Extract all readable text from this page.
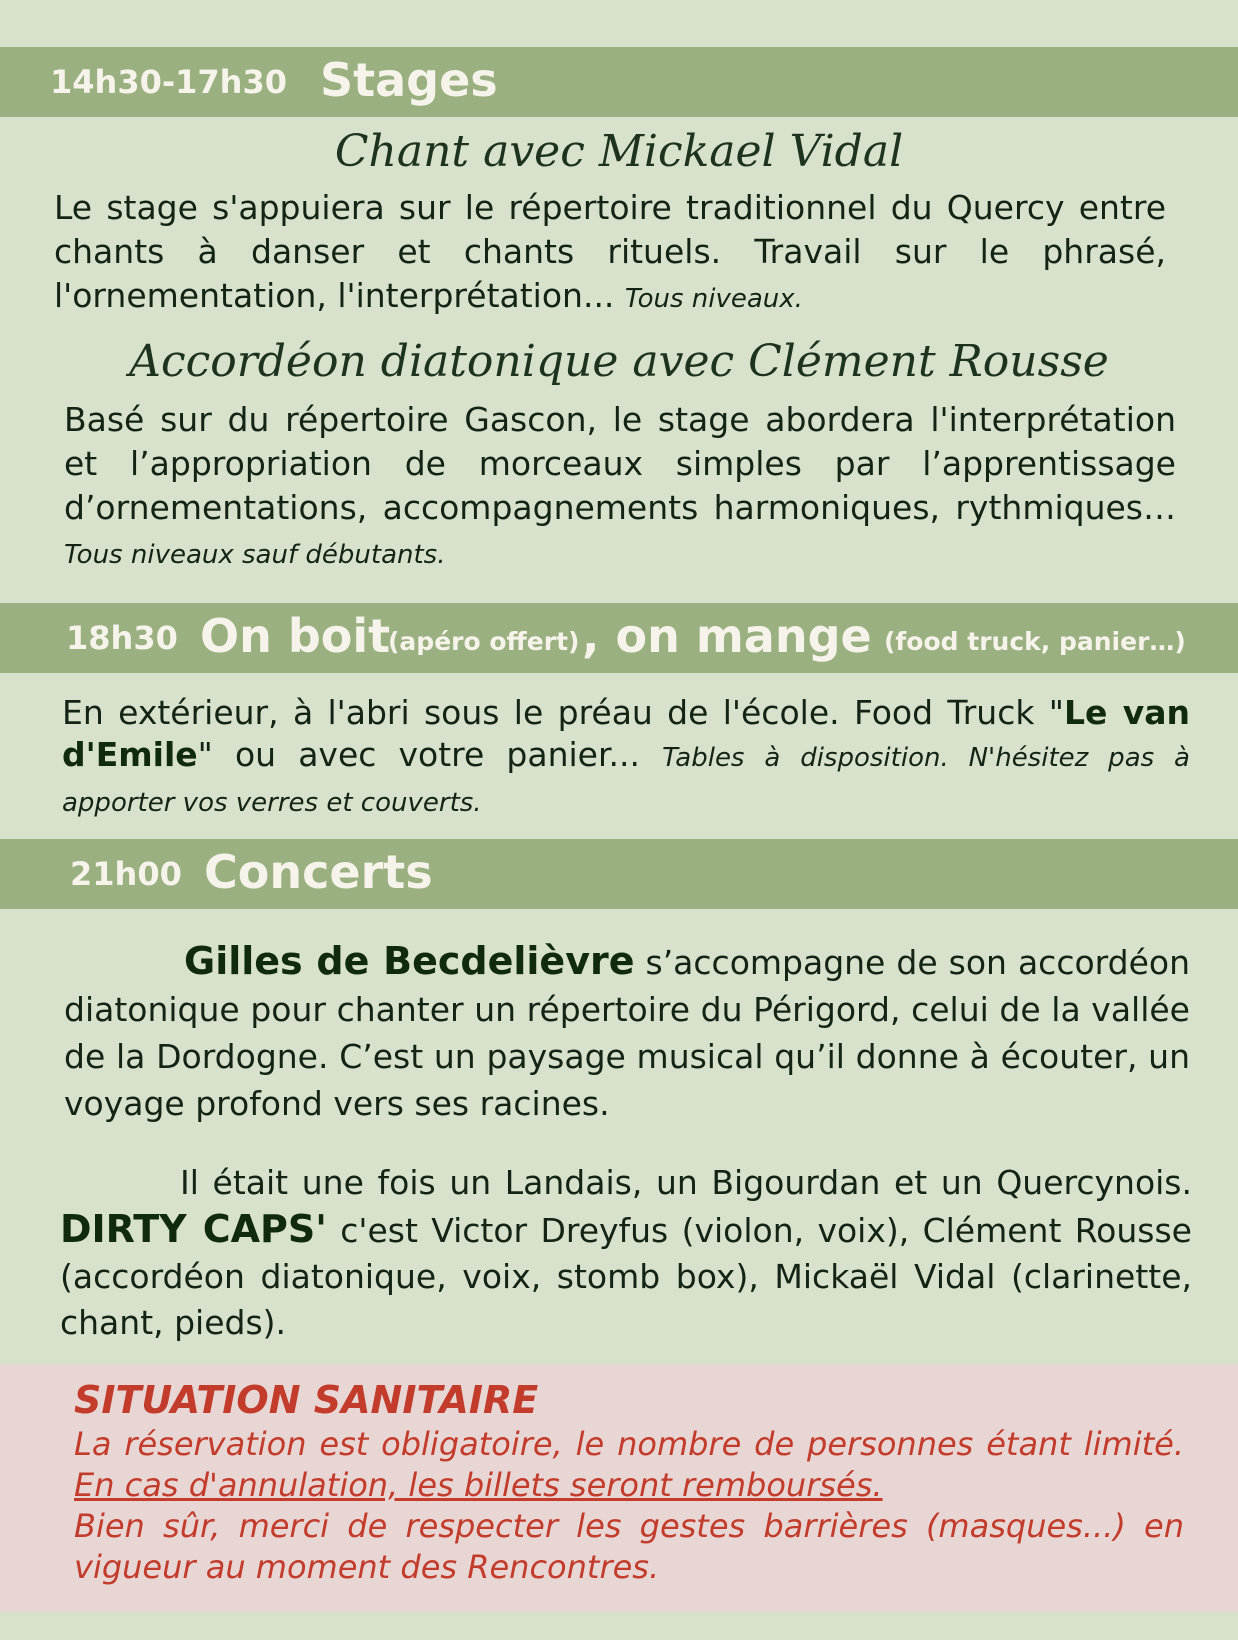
14h30-17h30 Stages
Chant avec Mickael Vidal

Le stage s'appuiera sur le répertoire traditionnel du Quercy entre chants à danser et chants rituels. Travail sur le phrasé, l'ornementation, l'interprétation... Tous niveaux.

Accordéon diatonique avec Clément Rousse

Basé sur du répertoire Gascon, le stage abordera l'interprétation et l’appropriation de morceaux simples par l’apprentissage d’ornementations, accompagnements harmoniques, rythmiques… Tous niveaux sauf débutants.

18h30 On boit
(apéro offert) , on mange (food truck, panier…)

En extérieur, à l'abri sous le préau de l'école. Food Truck "Le van d'Emile" ou avec votre panier... Tables à disposition. N'hésitez pas à apporter vos verres et couverts.

21h00 Concerts

Gilles de Becdelièvre s’accompagne de son accordéon diatonique pour chanter un répertoire du Périgord, celui de la vallée de la Dordogne. C’est un paysage musical qu’il donne à écouter, un voyage profond vers ses racines.

Il était une fois un Landais, un Bigourdan et un Quercynois. DIRTY CAPS' c'est Victor Dreyfus (violon, voix), Clément Rousse (accordéon diatonique, voix, stomb box), Mickaël Vidal (clarinette, chant, pieds).

SITUATION SANITAIRE

La réservation est obligatoire, le nombre de personnes étant limité. En cas d'annulation, les billets seront remboursés.
Bien sûr, merci de respecter les gestes barrières (masques...) en vigueur au moment des Rencontres.
